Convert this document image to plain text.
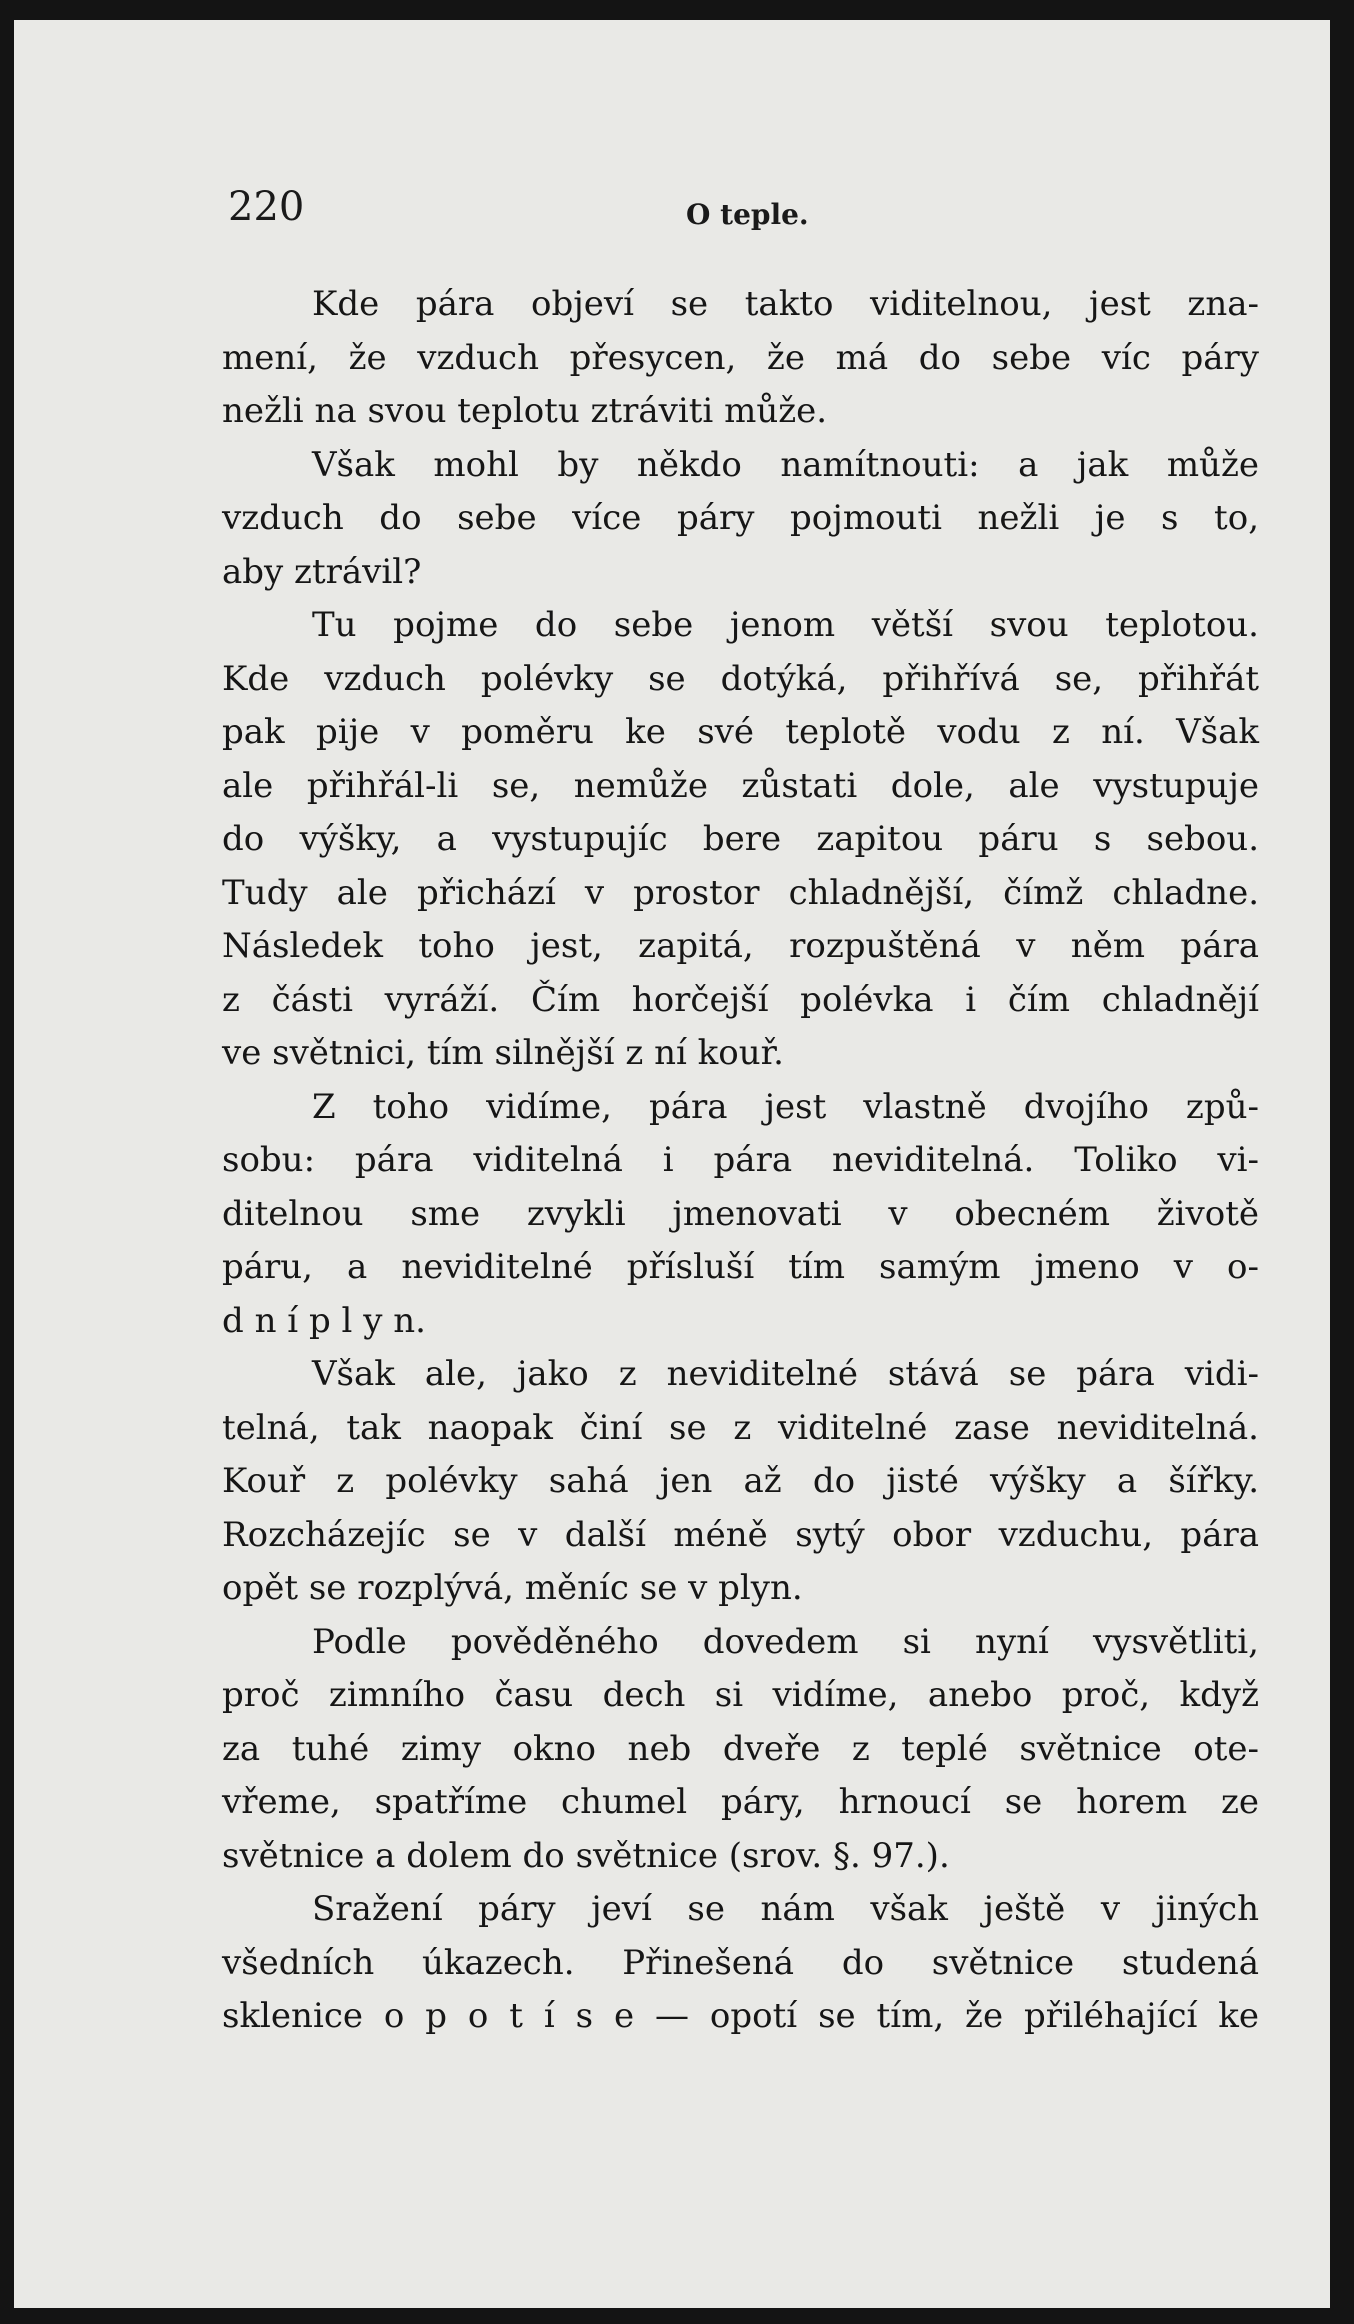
220	O teple.
Kde pára objeví se takto viditelnou, jest zna-
mení, že vzduch přesycen, že má do sebe víc páry
nežli na svou teplotu ztráviti může.
Však mohl by někdo namítnouti: a jak může
vzduch do sebe více páry pojmouti nežli je s to,
aby ztrávil?
Tu pojme do sebe jenom větší svou teplotou.
Kde vzduch polévky se dotýká, přihřívá se, přihřát
pak pije v poměru ke své teplotě vodu z ní. Však
ale přihřál-li se, nemůže zůstati dole, ale vystupuje
do výšky, a vystupujíc bere zapitou páru s sebou.
Tudy ale přichází v prostor chladnější, čímž chladne.
Následek toho jest, zapitá, rozpuštěná v něm pára
z části vyráží. Čím horčejší polévka i čím chladnějí
ve světnici, tím silnější z ní kouř.
Z toho vidíme, pára jest vlastně dvojího způ-
sobu: pára viditelná i pára neviditelná. Toliko vi-
ditelnou sme zvykli jmenovati v obecném životě
páru, a neviditelné přísluší tím samým jmeno v o-
d n í p l y n.
Však ale, jako z neviditelné stává se pára vidi-
telná, tak naopak činí se z viditelné zase neviditelná.
Kouř z polévky sahá jen až do jisté výšky a šířky.
Rozcházejíc se v další méně sytý obor vzduchu, pára
opět se rozplývá, měníc se v plyn.
Podle pověděného dovedem si nyní vysvětliti,
proč zimního času dech si vidíme, anebo proč, když
za tuhé zimy okno neb dveře z teplé světnice ote-
vřeme, spatříme chumel páry, hrnoucí se horem ze
světnice a dolem do světnice (srov. §. 97.).
Sražení páry jeví se nám však ještě v jiných
všedních úkazech. Přinešená do světnice studená
sklenice o p o t í s e — opotí se tím, že přiléhající ke
